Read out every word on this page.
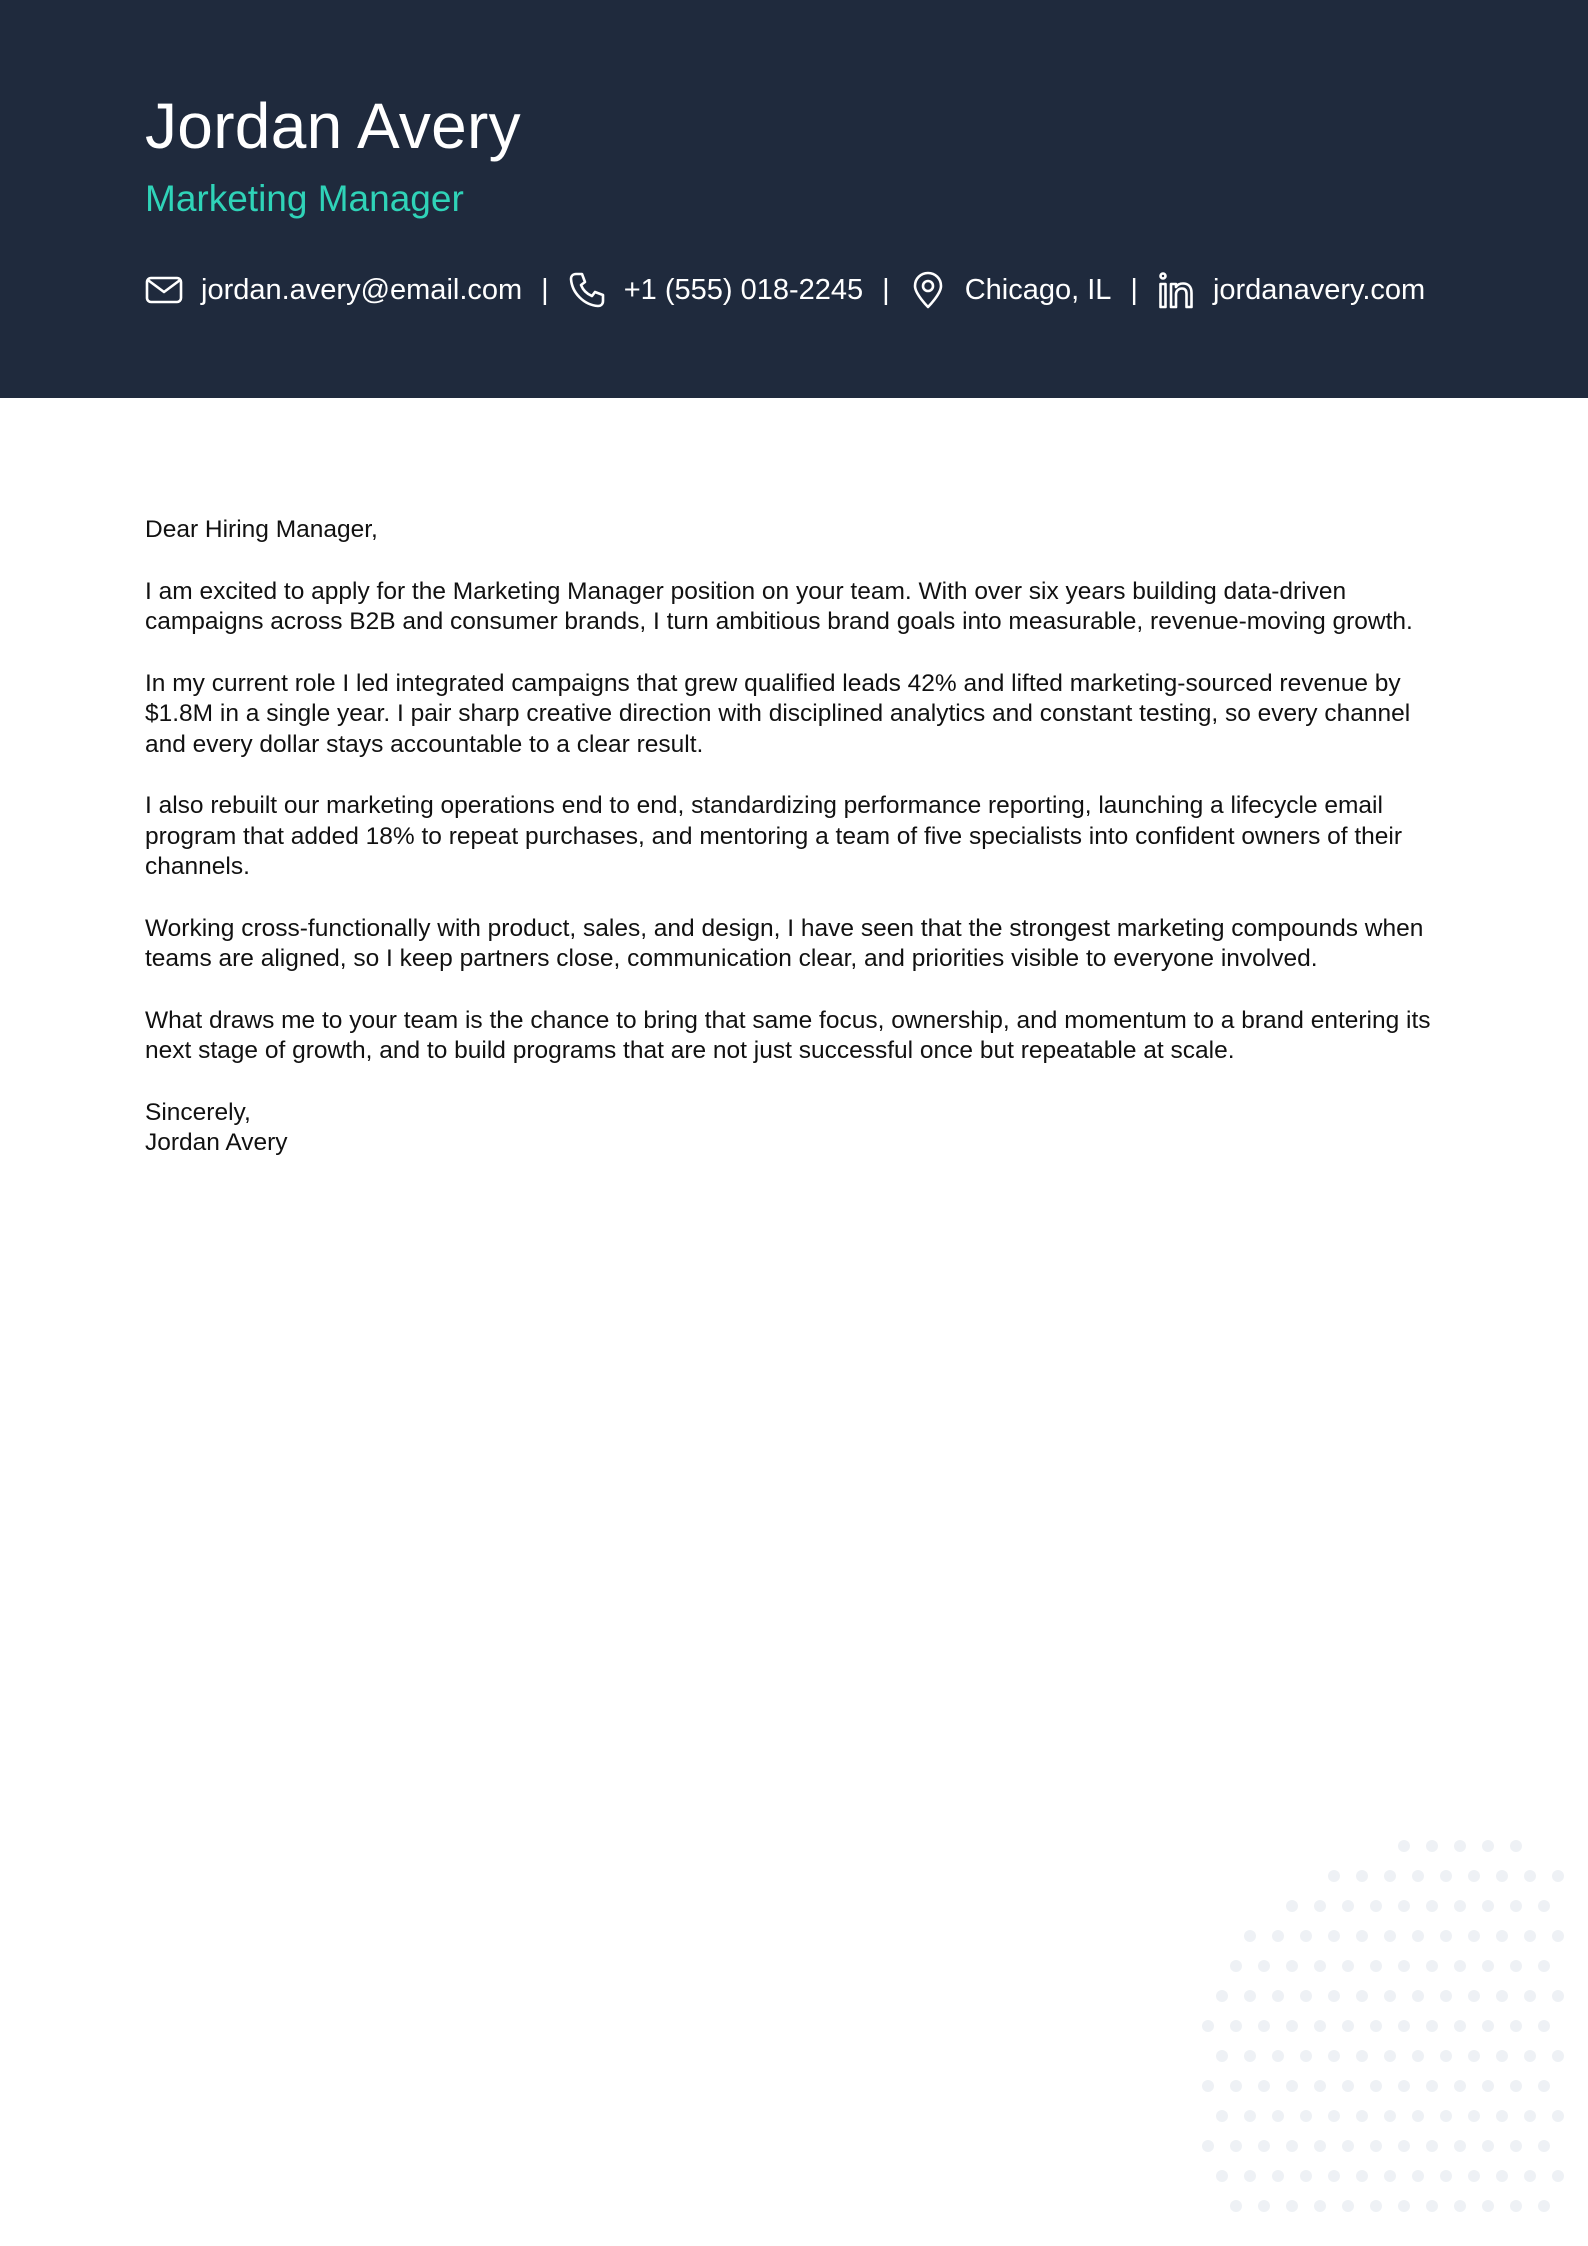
Jordan Avery
Marketing Manager
jordan.avery@email.com |	+1 (555) 018-2245 |	Chicago, IL |	jordanavery.com

Dear Hiring Manager,

I am excited to apply for the Marketing Manager position on your team. With over six years building data-driven campaigns across B2B and consumer brands, I turn ambitious brand goals into measurable, revenue-moving growth.

In my current role I led integrated campaigns that grew qualified leads 42% and lifted marketing-sourced revenue by $1.8M in a single year. I pair sharp creative direction with disciplined analytics and constant testing, so every channel and every dollar stays accountable to a clear result.

I also rebuilt our marketing operations end to end, standardizing performance reporting, launching a lifecycle email program that added 18% to repeat purchases, and mentoring a team of five specialists into confident owners of their channels.

Working cross-functionally with product, sales, and design, I have seen that the strongest marketing compounds when teams are aligned, so I keep partners close, communication clear, and priorities visible to everyone involved.

What draws me to your team is the chance to bring that same focus, ownership, and momentum to a brand entering its next stage of growth, and to build programs that are not just successful once but repeatable at scale.

Sincerely,
Jordan Avery
